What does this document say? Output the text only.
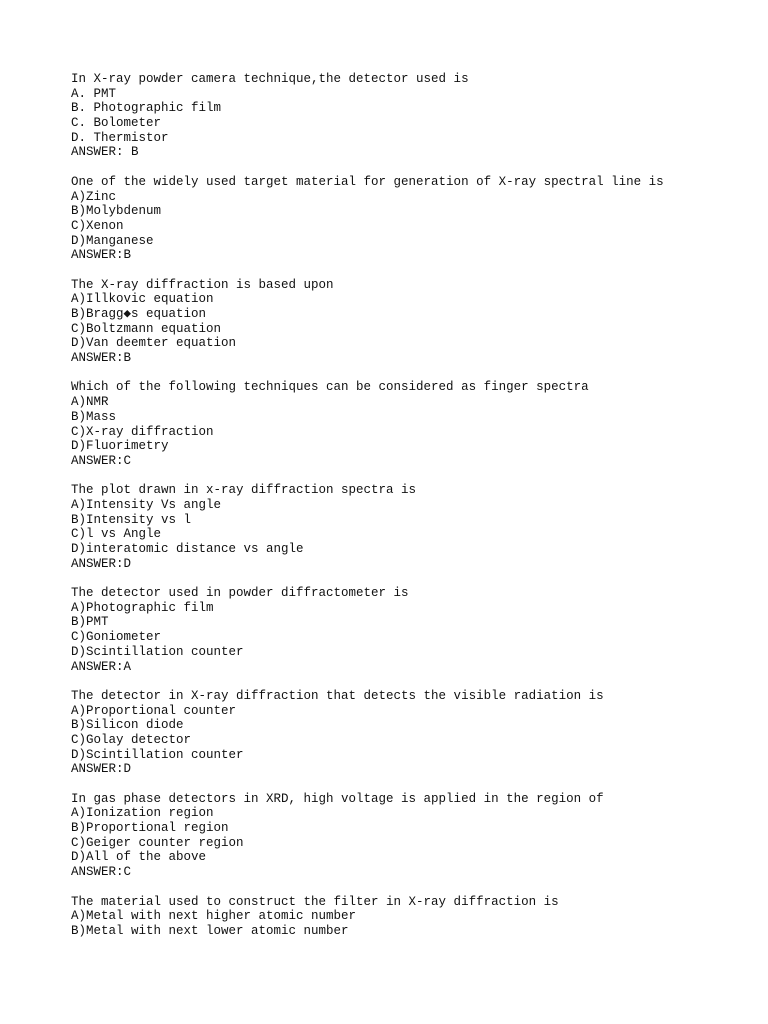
In X-ray powder camera technique,the detector used is
A. PMT
B. Photographic film
C. Bolometer
D. Thermistor
ANSWER: B
One of the widely used target material for generation of X-ray spectral line is
A)Zinc
B)Molybdenum
C)Xenon
D)Manganese
ANSWER:B
The X-ray diffraction is based upon
A)Illkovic equation
B)Bragg◆s equation
C)Boltzmann equation
D)Van deemter equation
ANSWER:B
Which of the following techniques can be considered as finger spectra
A)NMR
B)Mass
C)X-ray diffraction
D)Fluorimetry
ANSWER:C
The plot drawn in x-ray diffraction spectra is
A)Intensity Vs angle
B)Intensity vs l
C)l vs Angle
D)interatomic distance vs angle
ANSWER:D
The detector used in powder diffractometer is
A)Photographic film
B)PMT
C)Goniometer
D)Scintillation counter
ANSWER:A
The detector in X-ray diffraction that detects the visible radiation is
A)Proportional counter
B)Silicon diode
C)Golay detector
D)Scintillation counter
ANSWER:D
In gas phase detectors in XRD, high voltage is applied in the region of
A)Ionization region
B)Proportional region
C)Geiger counter region
D)All of the above
ANSWER:C
The material used to construct the filter in X-ray diffraction is
A)Metal with next higher atomic number
B)Metal with next lower atomic number
